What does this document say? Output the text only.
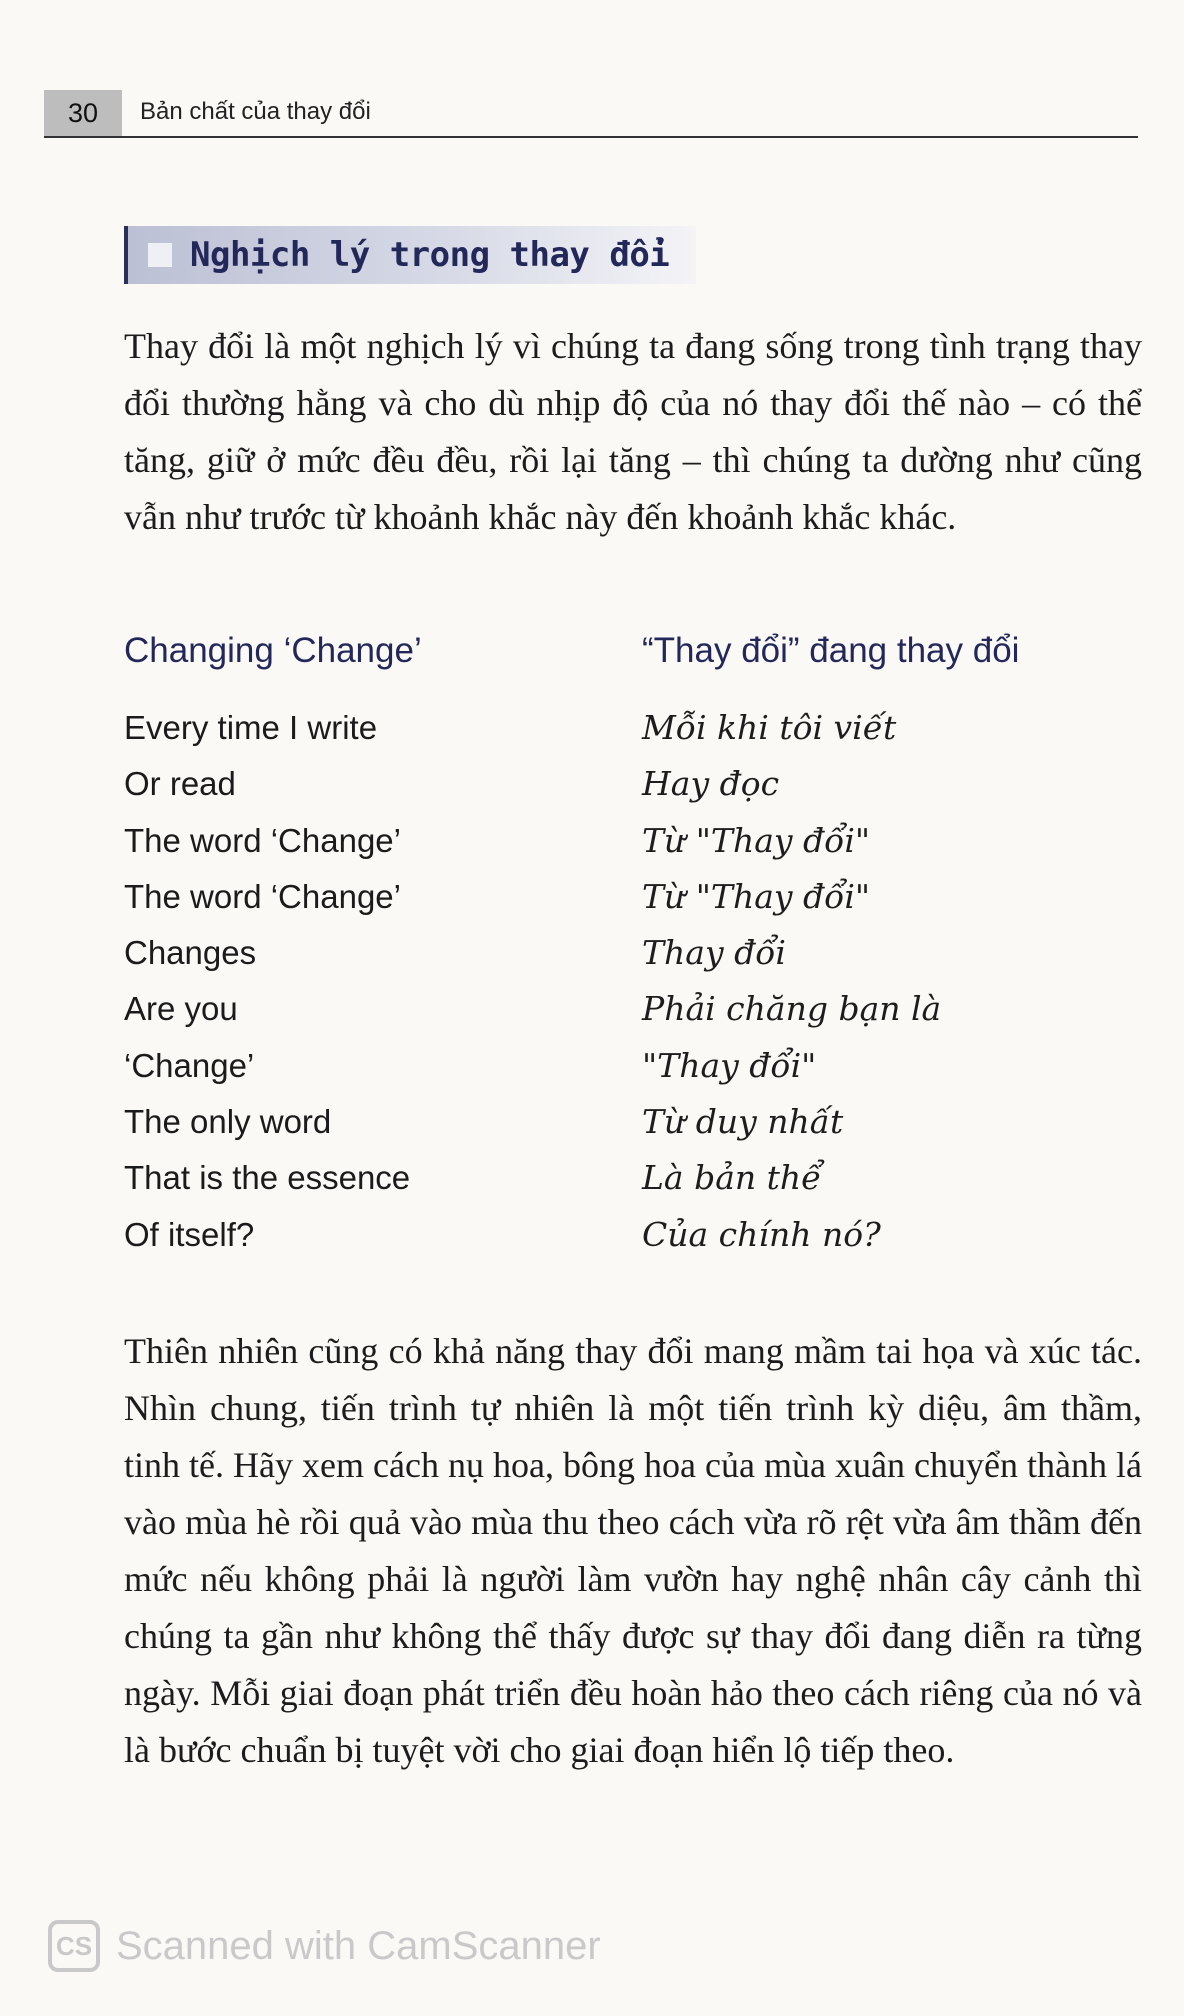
30	Bản chất của thay đổi
Nghịch lý trong thay đổi

Thay đổi là một nghịch lý vì chúng ta đang sống trong tình trạng thay đổi thường hằng và cho dù nhịp độ của nó thay đổi thế nào – có thể tăng, giữ ở mức đều đều, rồi lại tăng – thì chúng ta dường như cũng vẫn như trước từ khoảnh khắc này đến khoảnh khắc khác.

Changing ‘Change’
Every time I write
Or read
The word ‘Change’
The word ‘Change’
Changes
Are you
‘Change’
The only word
That is the essence
Of itself?
“Thay đổi” đang thay đổi
Mỗi khi tôi viết
Hay đọc
Từ "Thay đổi"
Từ "Thay đổi"
Thay đổi
Phải chăng bạn là
"Thay đổi"
Từ duy nhất
Là bản thể
Của chính nó?

Thiên nhiên cũng có khả năng thay đổi mang mầm tai họa và xúc tác. Nhìn chung, tiến trình tự nhiên là một tiến trình kỳ diệu, âm thầm, tinh tế. Hãy xem cách nụ hoa, bông hoa của mùa xuân chuyển thành lá vào mùa hè rồi quả vào mùa thu theo cách vừa rõ rệt vừa âm thầm đến mức nếu không phải là người làm vườn hay nghệ nhân cây cảnh thì chúng ta gần như không thể thấy được sự thay đổi đang diễn ra từng ngày. Mỗi giai đoạn phát triển đều hoàn hảo theo cách riêng của nó và là bước chuẩn bị tuyệt vời cho giai đoạn hiển lộ tiếp theo.

CS Scanned with CamScanner
